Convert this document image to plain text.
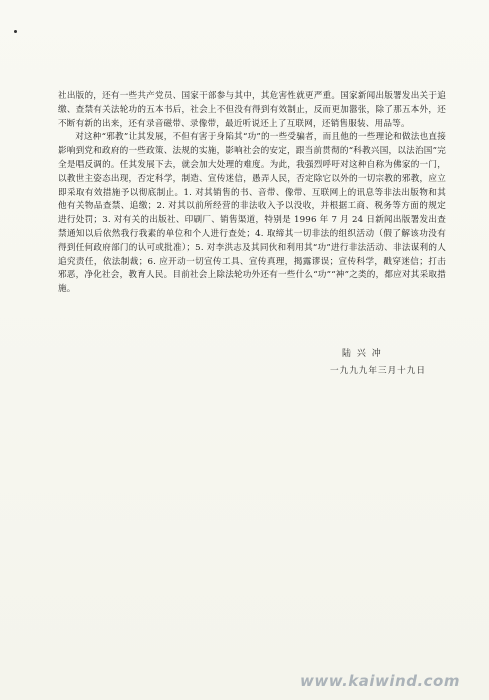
社出版的，还有一些共产党员、国家干部参与其中，其危害性就更严重。国家新闻出版署发出关于追缴、查禁有关法轮功的五本书后，社会上不但没有得到有效制止，反而更加嚣张，除了那五本外，还不断有新的出来，还有录音磁带、录像带，最近听说还上了互联网，还销售服装、用品等。

对这种“邪教”让其发展，不但有害于身陷其“功”的一些受骗者，而且他的一些理论和做法也直接影响到党和政府的一些政策、法规的实施，影响社会的安定，跟当前贯彻的“科教兴国，以法治国”完全是唱反调的。任其发展下去，就会加大处理的难度。为此，我强烈呼吁对这种自称为佛家的一门，以教世主姿态出现，否定科学，制造、宣传迷信，愚弄人民，否定除它以外的一切宗教的邪教，应立即采取有效措施予以彻底制止。1. 对其销售的书、音带、像带、互联网上的讯息等非法出版物和其他有关物品查禁、追缴；2. 对其以前所经营的非法收入予以没收，并根据工商、税务等方面的规定进行处罚；3. 对有关的出版社、印刷厂、销售渠道，特别是 1996 年 7 月 24 日新闻出版署发出查禁通知以后依然我行我素的单位和个人进行查处；4. 取缔其一切非法的组织活动（假了解该功没有得到任何政府部门的认可或批准）；5. 对李洪志及其同伙和利用其“功”进行非法活动、非法谋利的人追究责任，依法制裁；6. 应开动一切宣传工具、宣传真理，揭露谬误；宣传科学，戳穿迷信；打击邪恶，净化社会，教育人民。目前社会上除法轮功外还有一些什么“功”“神”之类的，都应对其采取措施。

陆 兴 冲
一九九九年三月十九日
www.kaiwind.com
